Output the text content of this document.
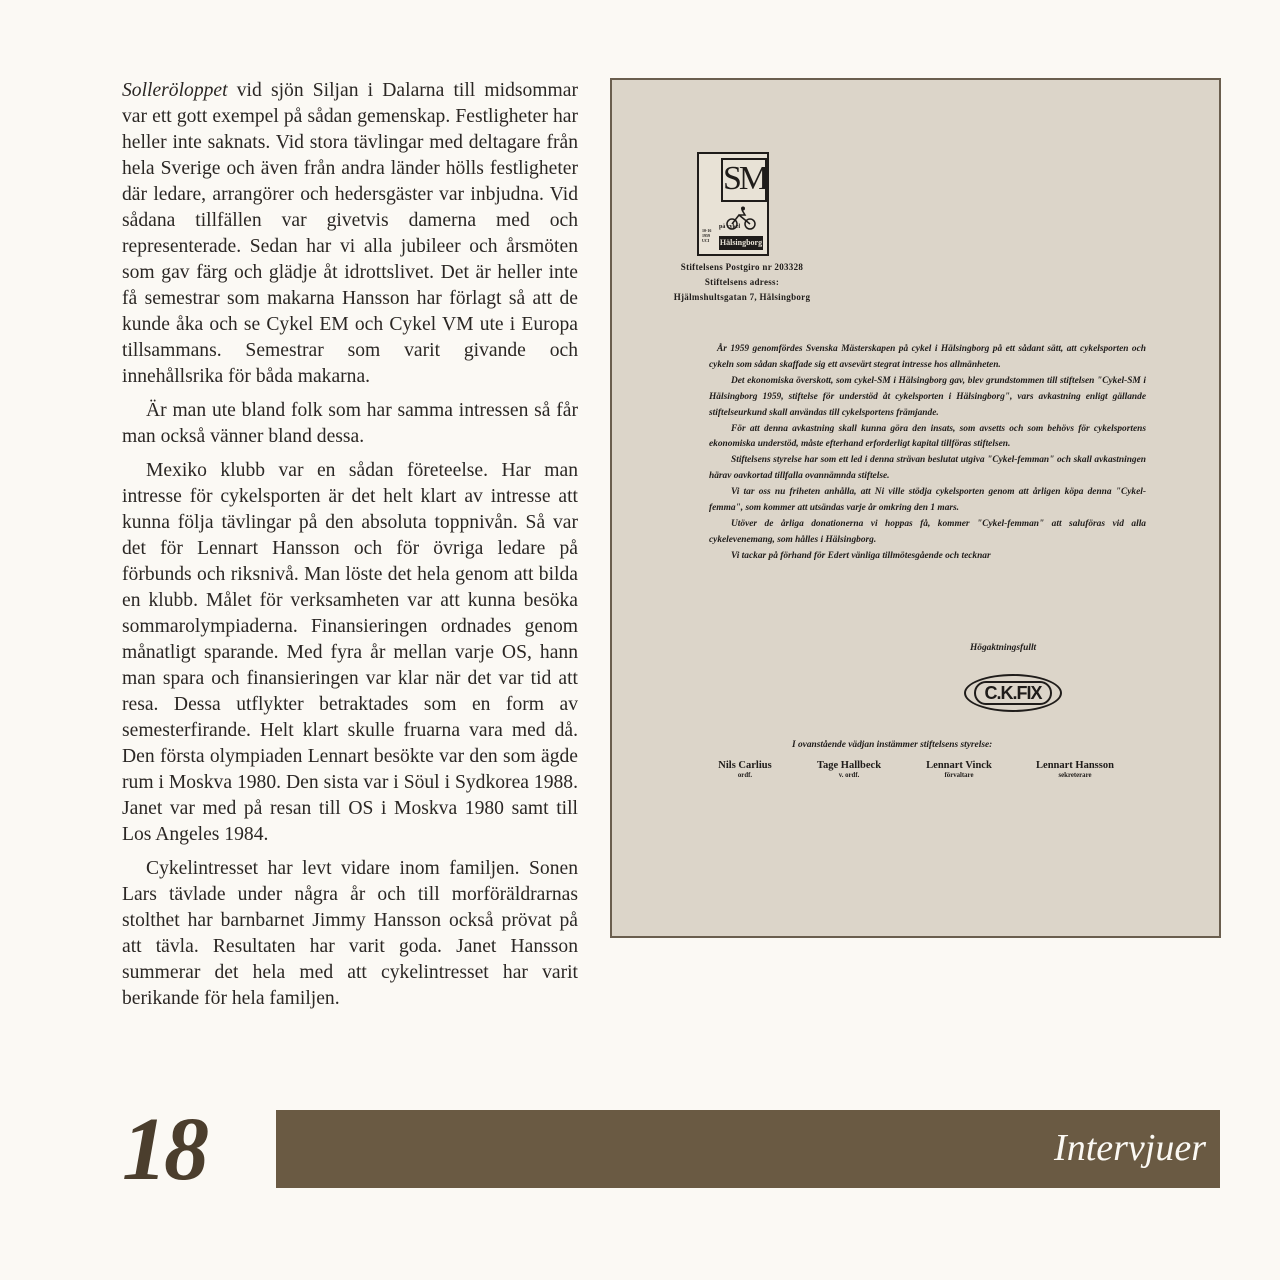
Solleröloppet vid sjön Siljan i Dalarna till midsommar var ett gott exempel på sådan gemenskap. Festligheter har heller inte saknats. Vid stora tävlingar med deltagare från hela Sverige och även från andra länder hölls festligheter där ledare, arrangörer och hedersgäster var inbjudna. Vid sådana tillfällen var givetvis damerna med och representerade. Sedan har vi alla jubileer och årsmöten som gav färg och glädje åt idrottslivet. Det är heller inte få semestrar som makarna Hansson har förlagt så att de kunde åka och se Cykel EM och Cykel VM ute i Europa tillsammans. Semestrar som varit givande och innehållsrika för båda makarna.

Är man ute bland folk som har samma intressen så får man också vänner bland dessa.

Mexiko klubb var en sådan företeelse. Har man intresse för cykelsporten är det helt klart av intresse att kunna följa tävlingar på den absoluta toppnivån. Så var det för Lennart Hansson och för övriga ledare på förbunds och riksnivå. Man löste det hela genom att bilda en klubb. Målet för verksamheten var att kunna besöka sommarolympiaderna. Finansieringen ordnades genom månatligt sparande. Med fyra år mellan varje OS, hann man spara och finansieringen var klar när det var tid att resa. Dessa utflykter betraktades som en form av semesterfirande. Helt klart skulle fruarna vara med då. Den första olympiaden Lennart besökte var den som ägde rum i Moskva 1980. Den sista var i Söul i Sydkorea 1988. Janet var med på resan till OS i Moskva 1980 samt till Los Angeles 1984.

Cykelintresset har levt vidare inom familjen. Sonen Lars tävlade under några år och till morföräldrarnas stolthet har barnbarnet Jimmy Hansson också prövat på att tävla. Resultaten har varit goda. Janet Hansson summerar det hela med att cykelintresset har varit berikande för hela familjen.

SM
på cykel
Hälsingborg
10-16 1959 UCI
Stiftelsens Postgiro nr 203328
Stiftelsens adress:
Hjälmshultsgatan 7, Hälsingborg

År 1959 genomfördes Svenska Mästerskapen på cykel i Hälsingborg på ett sådant sätt, att cykelsporten och cykeln som sådan skaffade sig ett avsevärt stegrat intresse hos allmänheten.

Det ekonomiska överskott, som cykel-SM i Hälsingborg gav, blev grundstommen till stiftelsen "Cykel-SM i Hälsingborg 1959, stiftelse för understöd åt cykelsporten i Hälsingborg", vars avkastning enligt gällande stiftelseurkund skall användas till cykelsportens främjande.

För att denna avkastning skall kunna göra den insats, som avsetts och som behövs för cykelsportens ekonomiska understöd, måste efterhand erforderligt kapital tillföras stiftelsen.

Stiftelsens styrelse har som ett led i denna strävan beslutat utgiva "Cykel-femman" och skall avkastningen härav oavkortad tillfalla ovannämnda stiftelse.

Vi tar oss nu friheten anhålla, att Ni ville stödja cykelsporten genom att årligen köpa denna "Cykel-femma", som kommer att utsändas varje år omkring den 1 mars.

Utöver de årliga donationerna vi hoppas få, kommer "Cykel-femman" att saluföras vid alla cykelevenemang, som hålles i Hälsingborg.

Vi tackar på förhand för Edert vänliga tillmötesgående och tecknar

Högaktningsfullt
C.K.FIX
I ovanstående vädjan instämmer stiftelsens styrelse:
Nils Carlius
ordf.
Tage Hallbeck
v. ordf.
Lennart Vinck
förvaltare
Lennart Hansson
sekreterare
18	Intervjuer
